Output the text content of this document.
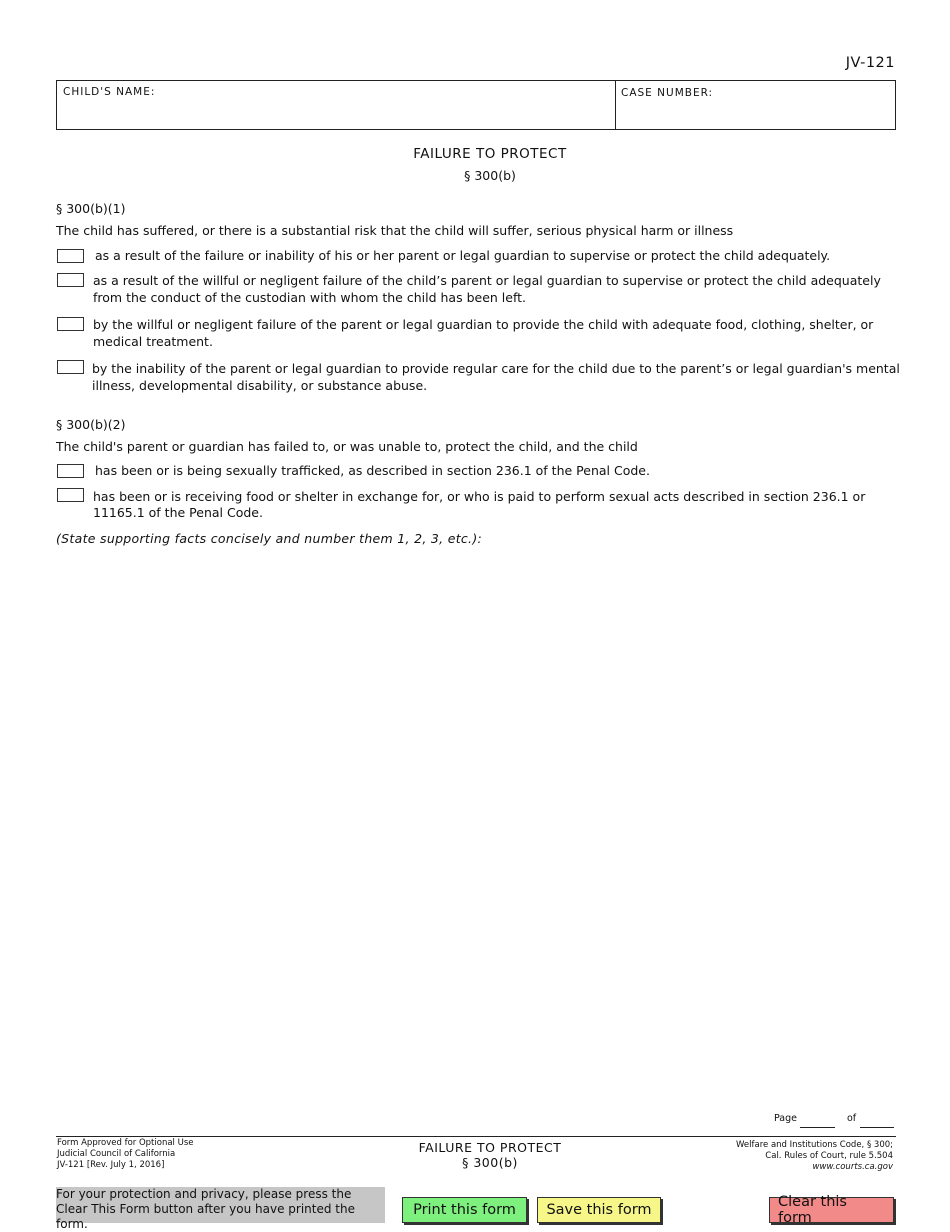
JV-121
CHILD'S NAME:	CASE NUMBER:
FAILURE TO PROTECT
§ 300(b)
§ 300(b)(1)
The child has suffered, or there is a substantial risk that the child will suffer, serious physical harm or illness
as a result of the failure or inability of his or her parent or legal guardian to supervise or protect the child adequately.
as a result of the willful or negligent failure of the child’s parent or legal guardian to supervise or protect the child adequately
from the conduct of the custodian with whom the child has been left.
by the willful or negligent failure of the parent or legal guardian to provide the child with adequate food, clothing, shelter, or
medical treatment.
by the inability of the parent or legal guardian to provide regular care for the child due to the parent’s or legal guardian's mental
illness, developmental disability, or substance abuse.
§ 300(b)(2)
The child's parent or guardian has failed to, or was unable to, protect the child, and the child
has been or is being sexually trafficked, as described in section 236.1 of the Penal Code.
has been or is receiving food or shelter in exchange for, or who is paid to perform sexual acts described in section 236.1 or
11165.1 of the Penal Code.
(State supporting facts concisely and number them 1, 2, 3, etc.):
Page	of
Form Approved for Optional Use
Judicial Council of California
JV-121 [Rev. July 1, 2016]
FAILURE TO PROTECT
§ 300(b)
Welfare and Institutions Code, § 300;
Cal. Rules of Court, rule 5.504
www.courts.ca.gov
For your protection and privacy, please press the Clear This Form button after you have printed the form.
Print this form	Save this form	Clear this form
